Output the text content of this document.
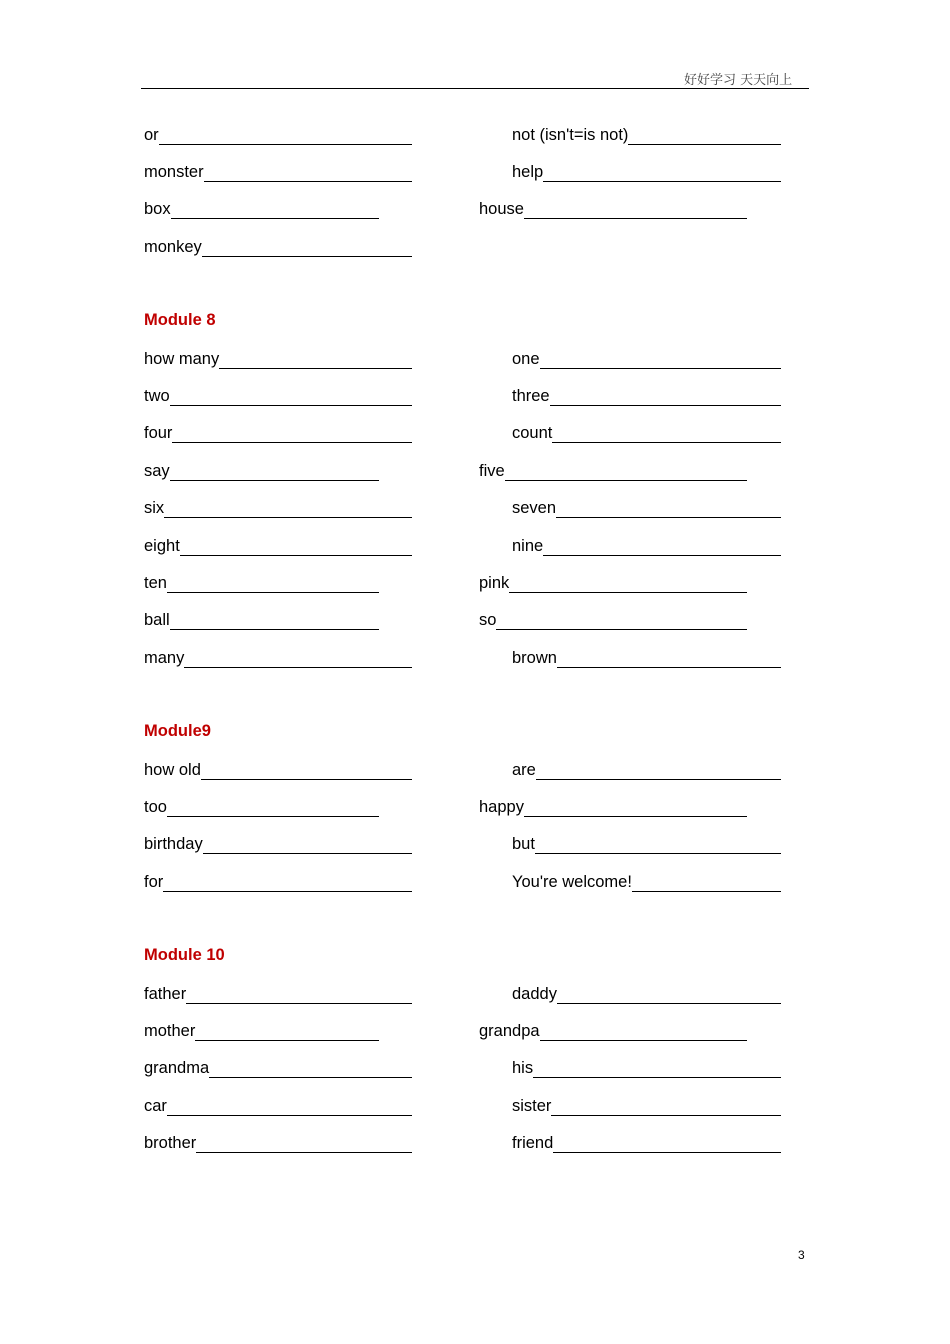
好好学习 天天向上
or	not (isn't=is not)
monster	help
box	house
monkey
Module 8
how many	one
two	three
four	count
say	five
six	seven
eight	nine
ten	pink
ball	so
many	brown
Module9
how old	are
too	happy
birthday	but
for	You're welcome!
Module 10
father	daddy
mother	grandpa
grandma	his
car	sister
brother	friend
3
